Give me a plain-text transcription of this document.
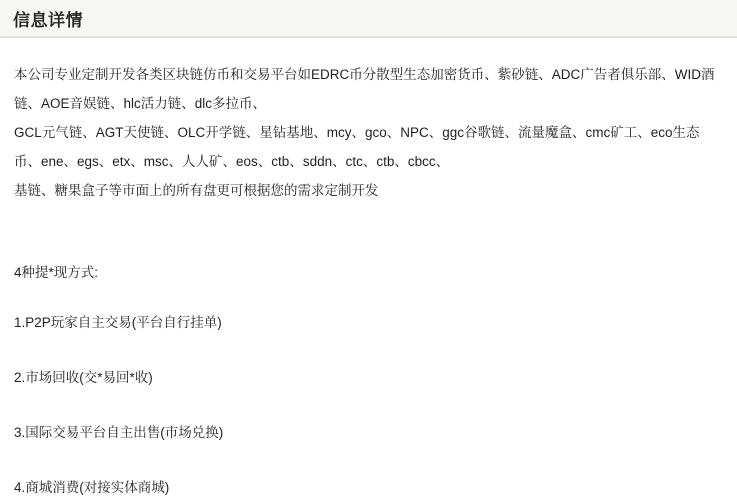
信息详情

本公司专业定制开发各类区块链仿币和交易平台如EDRC币分散型生态加密货币、紫砂链、ADC广告者俱乐部、WID酒链、AOE音娱链、hlc活力链、dlc多拉币、

GCL元气链、AGT天使链、OLC开学链、星钻基地、mcy、gco、NPC、ggc谷歌链、流量魔盒、cmc矿工、eco生态币、ene、egs、etx、msc、人人矿、eos、ctb、sddn、ctc、ctb、cbcc、

基链、糖果盒子等市面上的所有盘更可根据您的需求定制开发

4种提*现方式:

1.P2P玩家自主交易(平台自行挂单)

2.市场回收(交*易回*收)

3.国际交易平台自主出售(市场兑换)

4.商城消费(对接实体商城)
